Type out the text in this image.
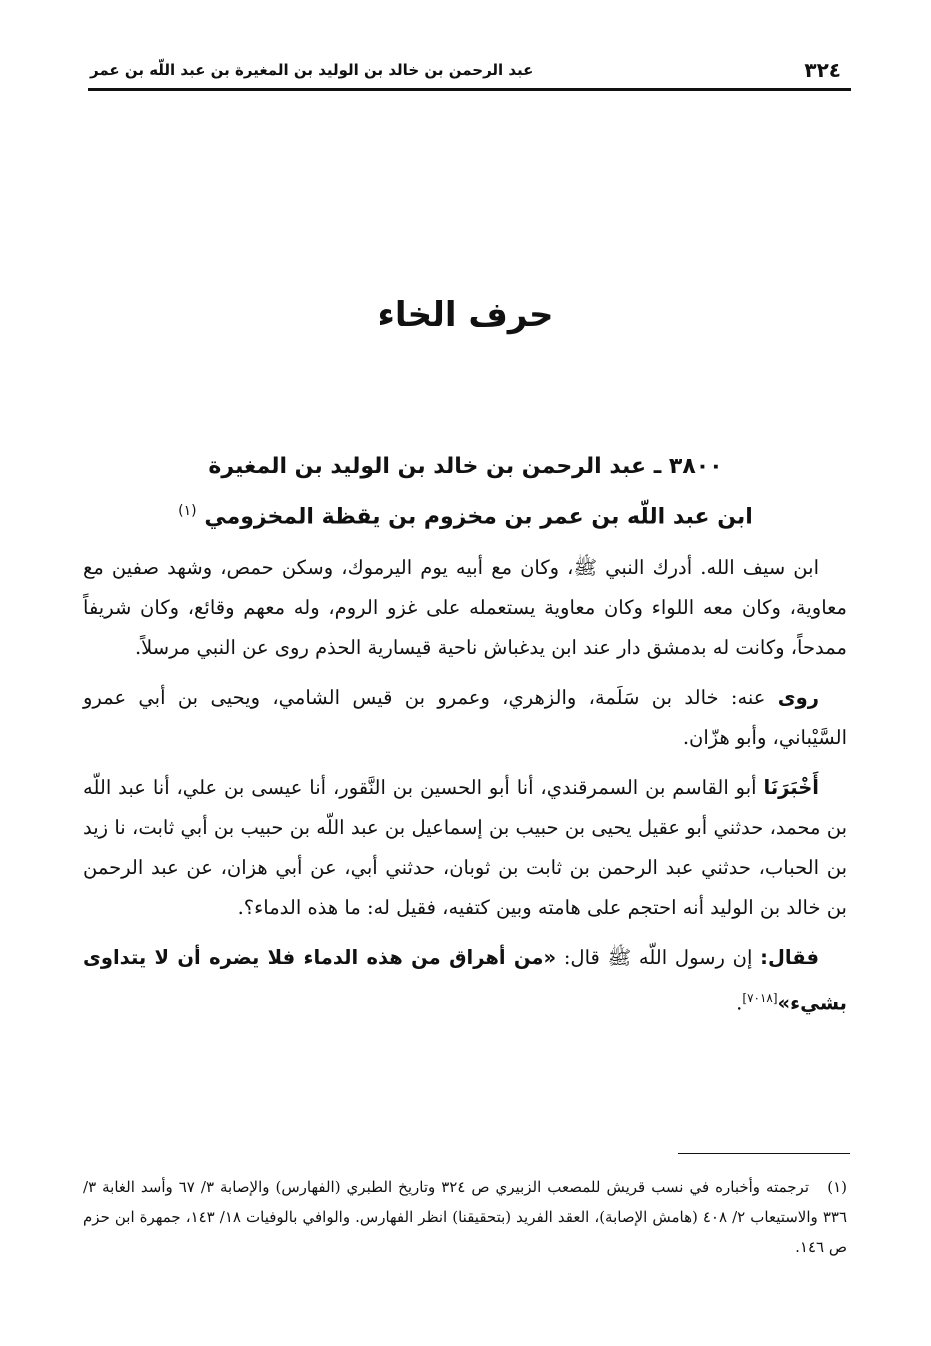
٣٢٤
عبد الرحمن بن خالد بن الوليد بن المغيرة بن عبد اللّه بن عمر
حرف الخاء
٣٨٠٠ ـ عبد الرحمن بن خالد بن الوليد بن المغيرة
ابن عبد اللّه بن عمر بن مخزوم بن يقظة المخزومي $^{(١)}$

ابن سيف الله. أدرك النبي ﷺ، وكان مع أبيه يوم اليرموك، وسكن حمص، وشهد صفين مع معاوية، وكان معه اللواء وكان معاوية يستعمله على غزو الروم، وله معهم وقائع، وكان شريفاً ممدحاً، وكانت له بدمشق دار عند ابن يدغباش ناحية قيسارية الحذم روى عن النبي مرسلاً.

روى عنه: خالد بن سَلَمة، والزهري، وعمرو بن قيس الشامي، ويحيى بن أبي عمرو السَّيْباني، وأبو هزّان.

أَخْبَرَنَا أبو القاسم بن السمرقندي، أنا أبو الحسين بن النَّقور، أنا عيسى بن علي، أنا عبد اللّه بن محمد، حدثني أبو عقيل يحيى بن حبيب بن إسماعيل بن عبد اللّه بن حبيب بن أبي ثابت، نا زيد بن الحباب، حدثني عبد الرحمن بن ثابت بن ثوبان، حدثني أبي، عن أبي هزان، عن عبد الرحمن بن خالد بن الوليد أنه احتجم على هامته وبين كتفيه، فقيل له: ما هذه الدماء؟.

فقال: إن رسول اللّه ﷺ قال: «من أهراق من هذه الدماء فلا يضره أن لا يتداوى بشيء»[٧٠١٨].

(١)ترجمته وأخباره في نسب قريش للمصعب الزبيري ص ٣٢٤ وتاريخ الطبري (الفهارس) والإصابة ٣/ ٦٧ وأسد الغابة ٣/ ٣٣٦ والاستيعاب ٢/ ٤٠٨ (هامش الإصابة)، العقد الفريد (بتحقيقنا) انظر الفهارس. والوافي بالوفيات ١٨/ ١٤٣، جمهرة ابن حزم ص ١٤٦.
